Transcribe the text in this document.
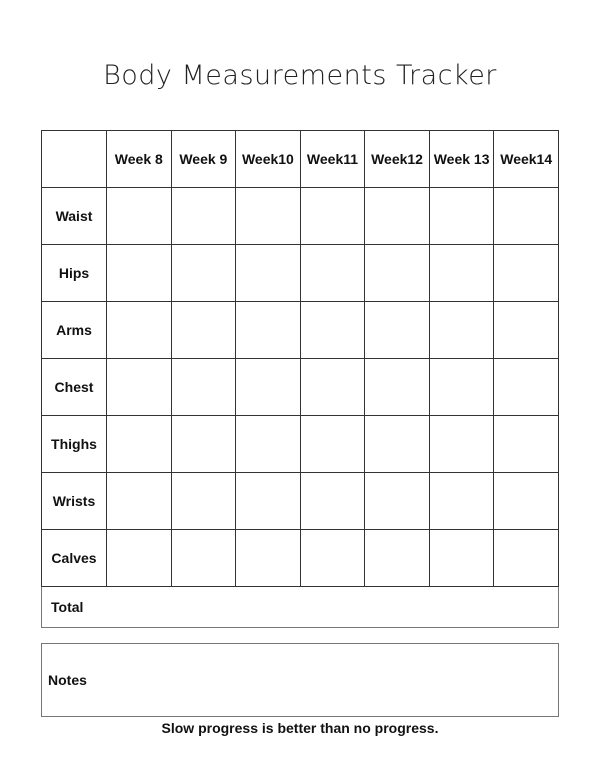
Body Measurements Tracker
	Week 8	Week 9	Week10	Week11	Week12	Week 13	Week14
Waist							
Hips							
Arms							
Chest							
Thighs							
Wrists							
Calves							
Total							
Notes
Slow progress is better than no progress.
